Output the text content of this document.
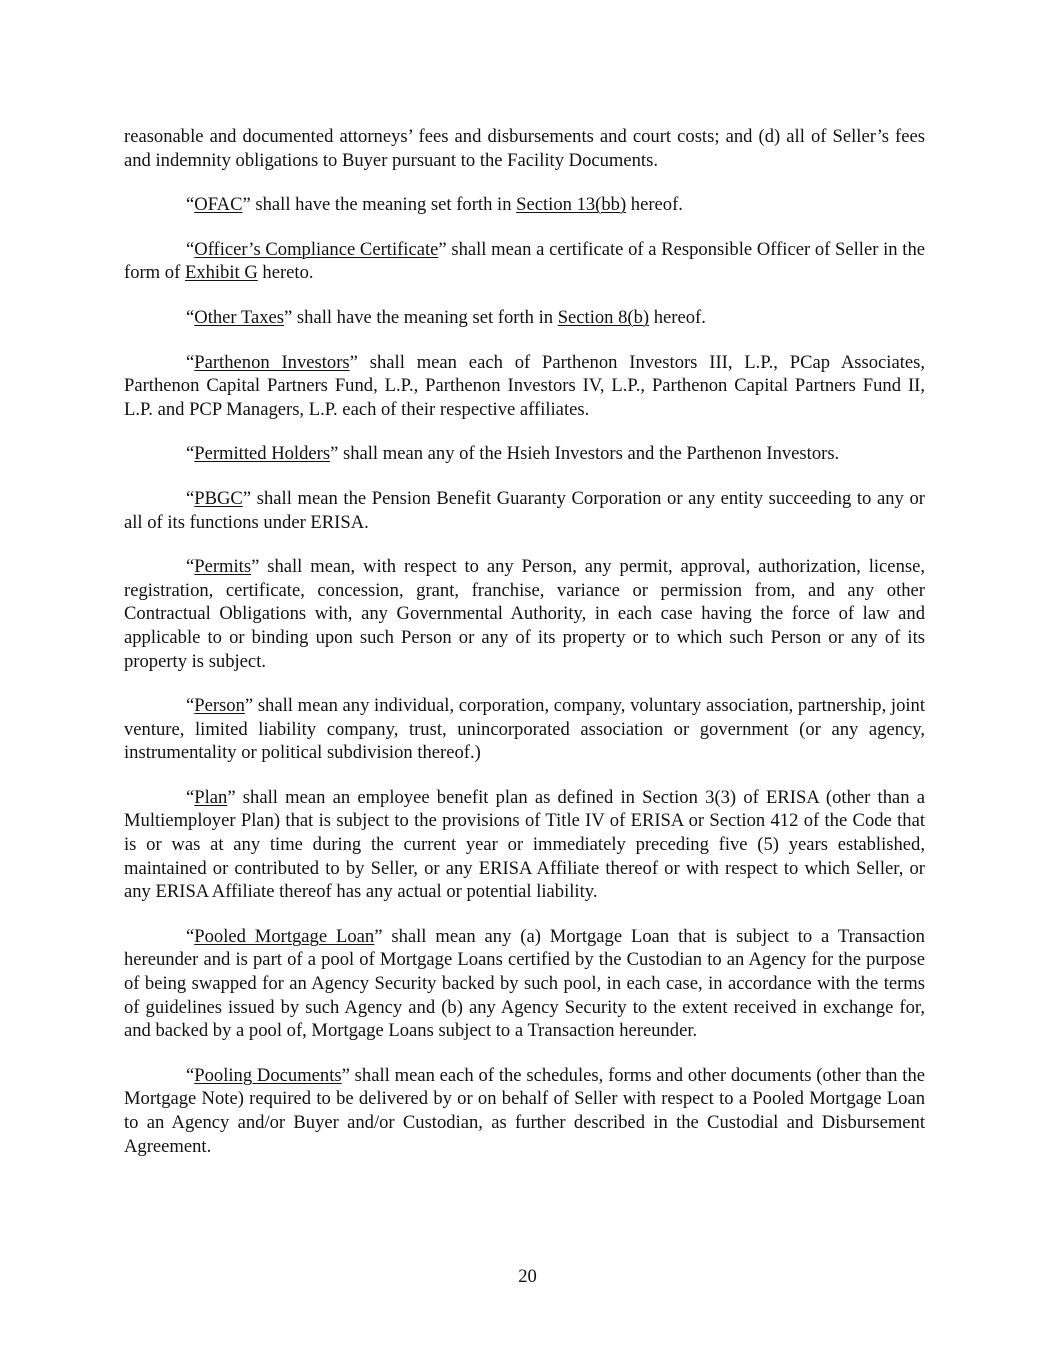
reasonable and documented attorneys’ fees and disbursements and court costs; and (d) all of Seller’s fees and indemnity obligations to Buyer pursuant to the Facility Documents.

“OFAC” shall have the meaning set forth in Section 13(bb) hereof.

“Officer’s Compliance Certificate” shall mean a certificate of a Responsible Officer of Seller in the form of Exhibit G hereto.

“Other Taxes” shall have the meaning set forth in Section 8(b) hereof.

“Parthenon Investors” shall mean each of Parthenon Investors III, L.P., PCap Associates, Parthenon Capital Partners Fund, L.P., Parthenon Investors IV, L.P., Parthenon Capital Partners Fund II, L.P. and PCP Managers, L.P. each of their respective affiliates.

“Permitted Holders” shall mean any of the Hsieh Investors and the Parthenon Investors.

“PBGC” shall mean the Pension Benefit Guaranty Corporation or any entity succeeding to any or all of its functions under ERISA.

“Permits” shall mean, with respect to any Person, any permit, approval, authorization, license, registration, certificate, concession, grant, franchise, variance or permission from, and any other Contractual Obligations with, any Governmental Authority, in each case having the force of law and applicable to or binding upon such Person or any of its property or to which such Person or any of its property is subject.

“Person” shall mean any individual, corporation, company, voluntary association, partnership, joint venture, limited liability company, trust, unincorporated association or government (or any agency, instrumentality or political subdivision thereof.)

“Plan” shall mean an employee benefit plan as defined in Section 3(3) of ERISA (other than a Multiemployer Plan) that is subject to the provisions of Title IV of ERISA or Section 412 of the Code that is or was at any time during the current year or immediately preceding five (5) years established, maintained or contributed to by Seller, or any ERISA Affiliate thereof or with respect to which Seller, or any ERISA Affiliate thereof has any actual or potential liability.

“Pooled Mortgage Loan” shall mean any (a) Mortgage Loan that is subject to a Transaction hereunder and is part of a pool of Mortgage Loans certified by the Custodian to an Agency for the purpose of being swapped for an Agency Security backed by such pool, in each case, in accordance with the terms of guidelines issued by such Agency and (b) any Agency Security to the extent received in exchange for, and backed by a pool of, Mortgage Loans subject to a Transaction hereunder.

“Pooling Documents” shall mean each of the schedules, forms and other documents (other than the Mortgage Note) required to be delivered by or on behalf of Seller with respect to a Pooled Mortgage Loan to an Agency and/or Buyer and/or Custodian, as further described in the Custodial and Disbursement Agreement.

20
